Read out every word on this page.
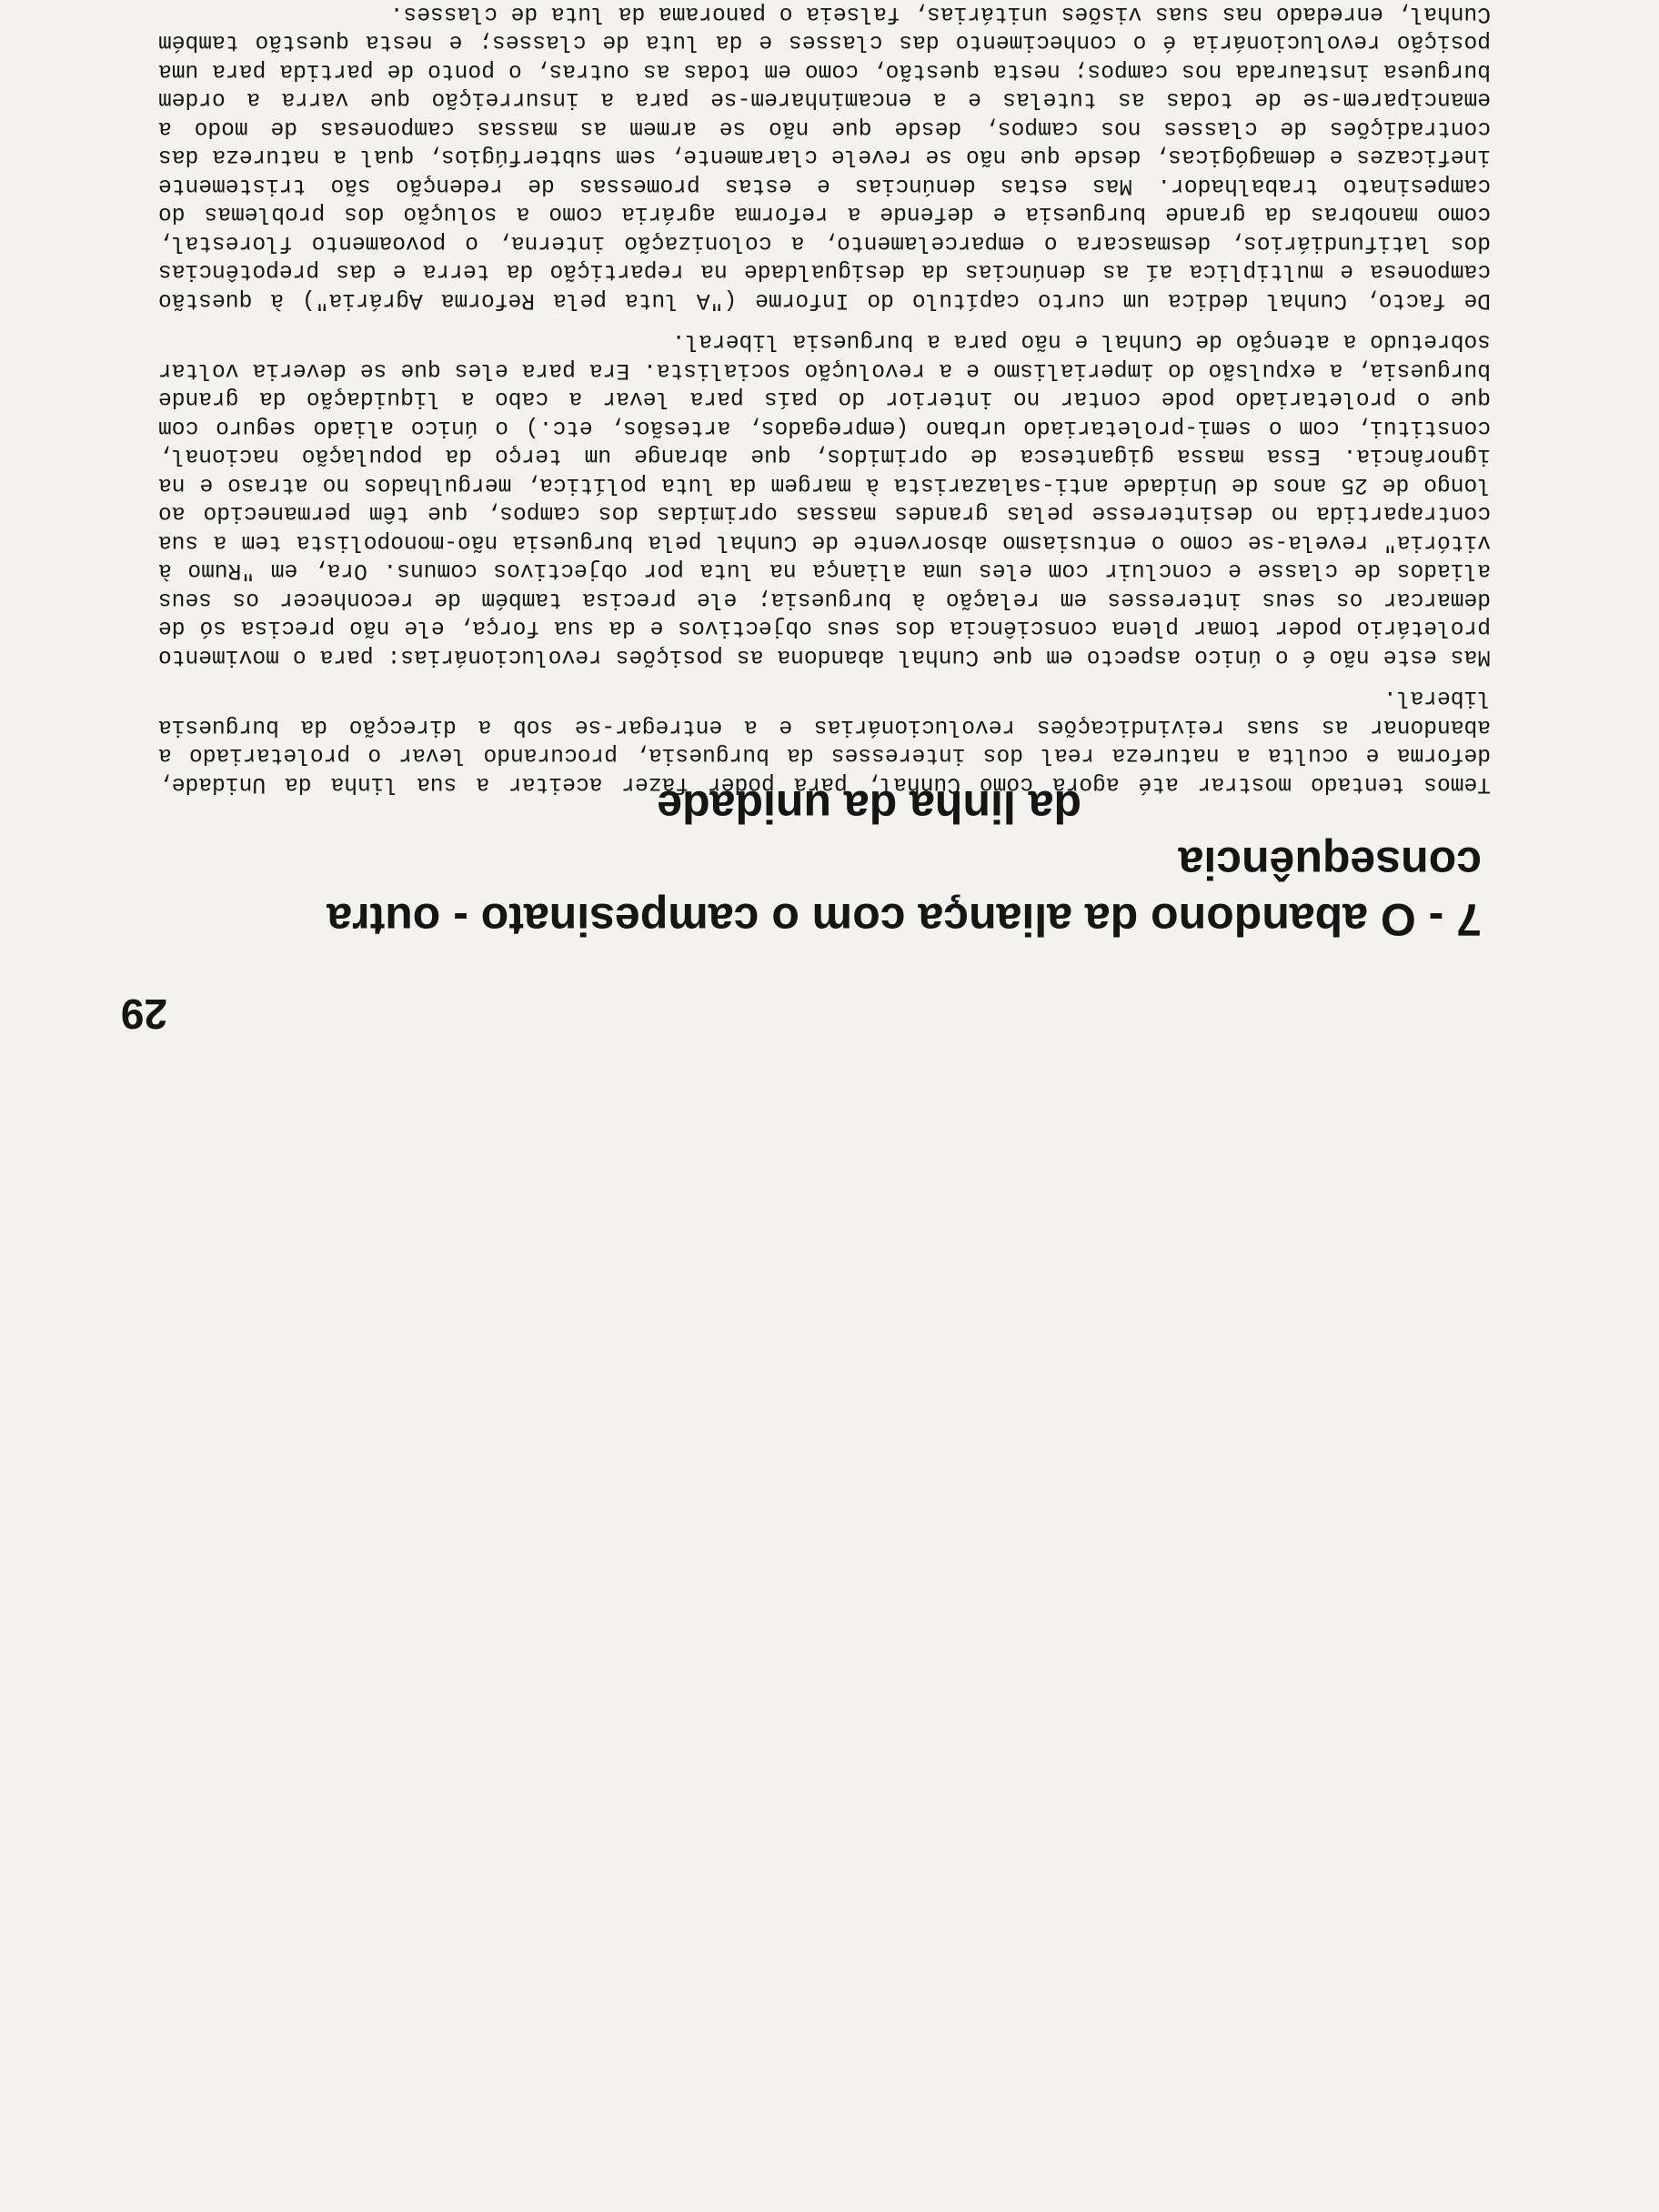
29
7 - O abandono da aliança com o campesinato - outra consequência
da linha da unidade

Temos tentado mostrar até agora como Cunhal, para poder fazer aceitar a sua linha da Unidade, deforma e oculta a natureza real dos interesses da burguesia, procurando levar o proletariado a abandonar as suas reivindicações revolucionárias e a entregar-se sob a direcção da burguesia liberal.

Mas este não é o único aspecto em que Cunhal abandona as posições revolucionárias: para o movimento proletário poder tomar plena consciência dos seus objectivos e da sua força, ele não precisa só de demarcar os seus interesses em relação à burguesia; ele precisa também de reconhecer os seus aliados de classe e concluir com eles uma aliança na luta por objectivos comuns. Ora, em "Rumo à vitória" revela-se como o entusiasmo absorvente de Cunhal pela burguesia não-monopolista tem a sua contrapartida no desinteresse pelas grandes massas oprimidas dos campos, que têm permanecido ao longo de 25 anos de Unidade anti-salazarista à margem da luta política, mergulhados no atraso e na ignorância. Essa massa gigantesca de oprimidos, que abrange um terço da população nacional, constitui, com o semi-proletariado urbano (empregados, artesãos, etc.) o único aliado seguro com que o proletariado pode contar no interior do país para levar a cabo a liquidação da grande burguesia, a expulsão do imperialismo e a revolução socialista. Era para eles que se deveria voltar sobretudo a atenção de Cunhal e não para a burguesia liberal.

De facto, Cunhal dedica um curto capítulo do Informe ("A luta pela Reforma Agrária") à questão camponesa e multiplica aí as denúncias da desigualdade na repartição da terra e das prepotências dos latifundiários, desmascara o emparcelamento, a colonização interna, o povoamento florestal, como manobras da grande burguesia e defende a reforma agrária como a solução dos problemas do campesinato trabalhador. Mas estas denúncias e estas promessas de redenção são tristemente ineficazes e demagógicas, desde que não se revele claramente, sem subterfúgios, qual a natureza das contradições de classes nos campos, desde que não se armem as massas camponesas de modo a emanciparem-se de todas as tutelas e a encaminharem-se para a insurreição que varra a ordem burguesa instaurada nos campos; nesta questão, como em todas as outras, o ponto de partida para uma posição revolucionária é o conhecimento das classes e da luta de classes; e nesta questão também Cunhal, enredado nas suas visões unitárias, falseia o panorama da luta de classes.
